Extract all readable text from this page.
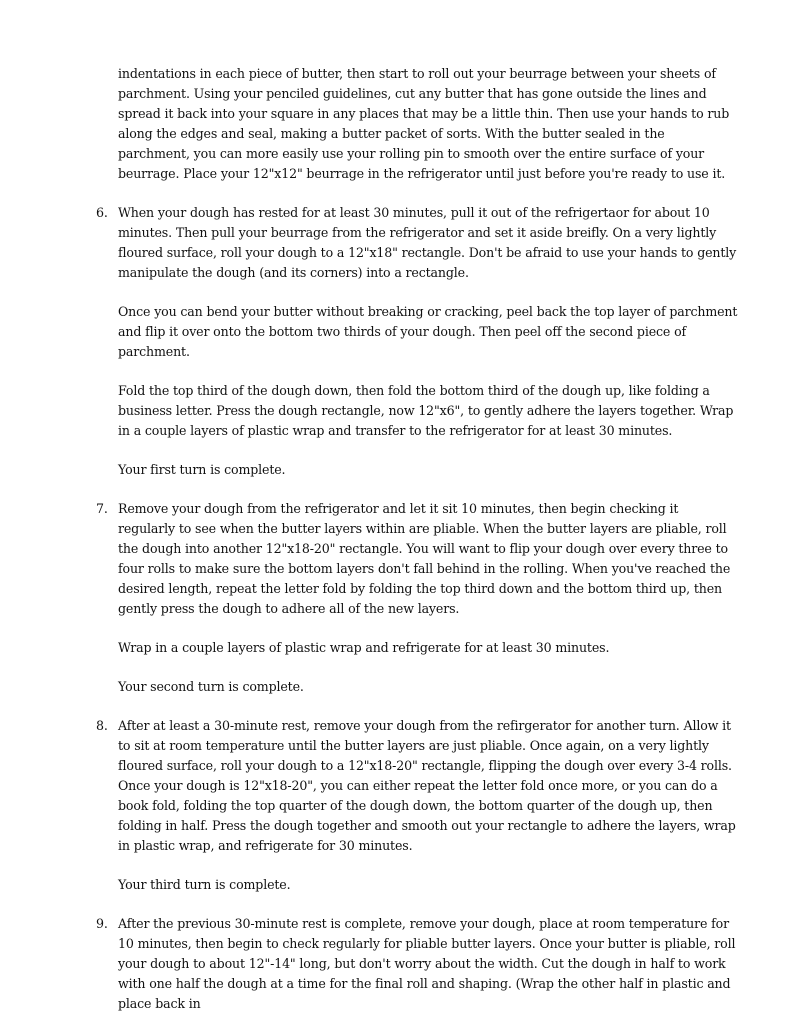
indentations in each piece of butter, then start to roll out your beurrage between your sheets of parchment. Using your penciled guidelines, cut any butter that has gone outside the lines and spread it back into your square in any places that may be a little thin. Then use your hands to rub along the edges and seal, making a butter packet of sorts. With the butter sealed in the parchment, you can more easily use your rolling pin to smooth over the entire surface of your beurrage. Place your 12"x12" beurrage in the refrigerator until just before you're ready to use it.

6. When your dough has rested for at least 30 minutes, pull it out of the refrigertaor for about 10 minutes. Then pull your beurrage from the refrigerator and set it aside breifly. On a very lightly floured surface, roll your dough to a 12"x18" rectangle. Don't be afraid to use your hands to gently manipulate the dough (and its corners) into a rectangle.

Once you can bend your butter without breaking or cracking, peel back the top layer of parchment and flip it over onto the bottom two thirds of your dough. Then peel off the second piece of parchment.

Fold the top third of the dough down, then fold the bottom third of the dough up, like folding a business letter. Press the dough rectangle, now 12"x6", to gently adhere the layers together. Wrap in a couple layers of plastic wrap and transfer to the refrigerator for at least 30 minutes.

Your first turn is complete.

7. Remove your dough from the refrigerator and let it sit 10 minutes, then begin checking it regularly to see when the butter layers within are pliable. When the butter layers are pliable, roll the dough into another 12"x18-20" rectangle. You will want to flip your dough over every three to four rolls to make sure the bottom layers don't fall behind in the rolling. When you've reached the desired length, repeat the letter fold by folding the top third down and the bottom third up, then gently press the dough to adhere all of the new layers.

Wrap in a couple layers of plastic wrap and refrigerate for at least 30 minutes.

Your second turn is complete.

8. After at least a 30-minute rest, remove your dough from the refirgerator for another turn. Allow it to sit at room temperature until the butter layers are just pliable. Once again, on a very lightly floured surface, roll your dough to a 12"x18-20" rectangle, flipping the dough over every 3-4 rolls. Once your dough is 12"x18-20", you can either repeat the letter fold once more, or you can do a book fold, folding the top quarter of the dough down, the bottom quarter of the dough up, then folding in half. Press the dough together and smooth out your rectangle to adhere the layers, wrap in plastic wrap, and refrigerate for 30 minutes.

Your third turn is complete.

9. After the previous 30-minute rest is complete, remove your dough, place at room temperature for 10 minutes, then begin to check regularly for pliable butter layers. Once your butter is pliable, roll your dough to about 12"-14" long, but don't worry about the width. Cut the dough in half to work with one half the dough at a time for the final roll and shaping. (Wrap the other half in plastic and place back in
